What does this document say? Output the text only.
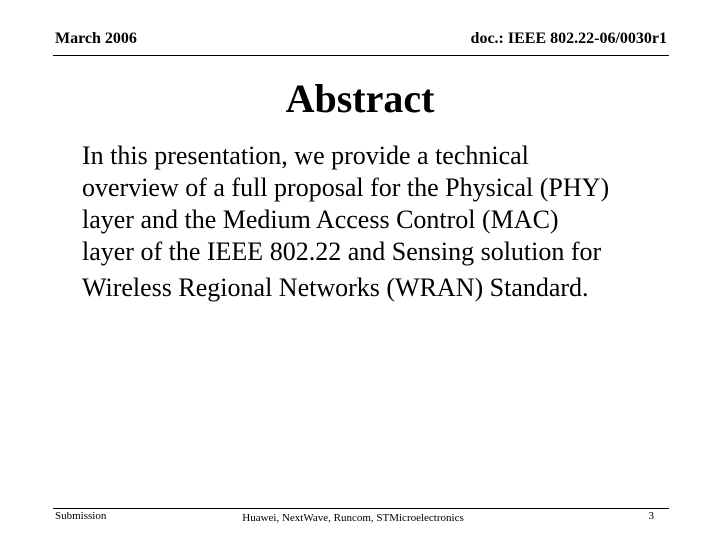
March 2006	doc.: IEEE 802.22-06/0030r1
Abstract
In this presentation, we provide a technical
overview of a full proposal for the Physical (PHY)
layer and the Medium Access Control (MAC)
layer of the IEEE 802.22 and Sensing solution for
Wireless Regional Networks (WRAN) Standard.
Submission	Huawei, NextWave, Runcom, STMicroelectronics	3
